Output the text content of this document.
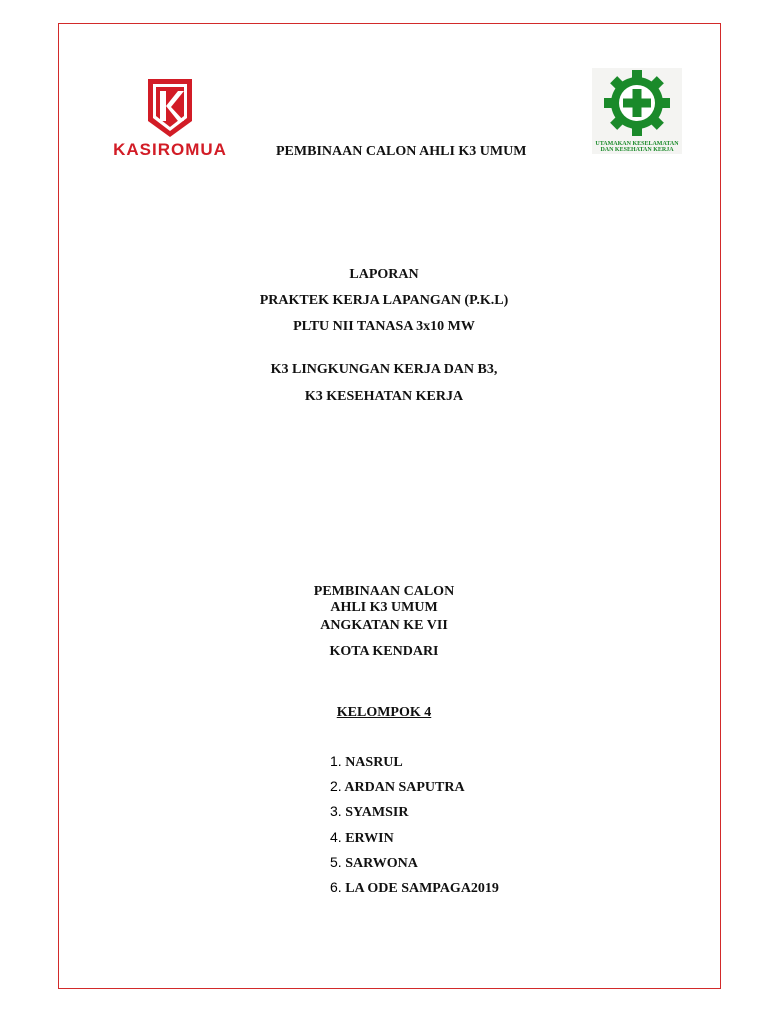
KASIROMUA	UTAMAKAN KESELAMATAN
DAN KESEHATAN KERJA
PEMBINAAN CALON AHLI K3 UMUM
LAPORAN
PRAKTEK KERJA LAPANGAN (P.K.L)
PLTU NII TANASA 3x10 MW
K3 LINGKUNGAN KERJA DAN B3,
K3 KESEHATAN KERJA
PEMBINAAN CALON
AHLI K3 UMUM
ANGKATAN KE VII
KOTA KENDARI
KELOMPOK 4
1. NASRUL
2. ARDAN SAPUTRA
3. SYAMSIR
4. ERWIN
5. SARWONA
6. LA ODE SAMPAGA2019
